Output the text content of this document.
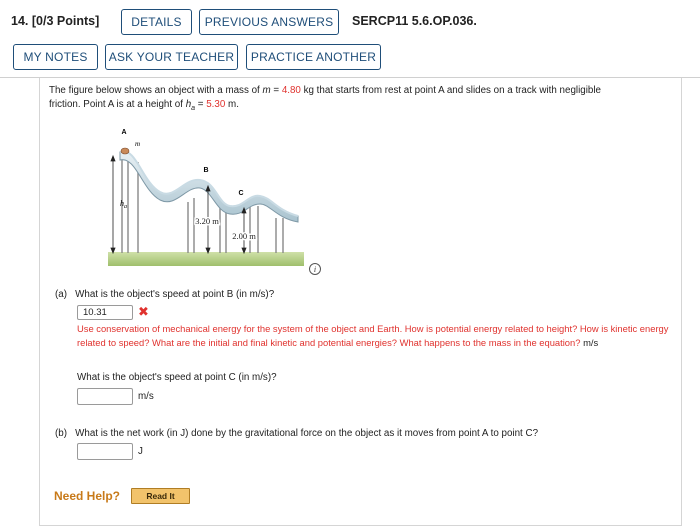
14. [0/3 Points]	DETAILS	PREVIOUS ANSWERS	SERCP11 5.6.OP.036.
MY NOTES	ASK YOUR TEACHER	PRACTICE ANOTHER
The figure below shows an object with a mass of m = 4.80 kg that starts from rest at point A and slides on a track with negligible
friction. Point A is at a height of $h_a = 5.30$ m.
A
m
B
C
$h_a$
3.20 m
2.00 m
i
(a) What is the object's speed at point B (in m/s)?
10.31	✖
Use conservation of mechanical energy for the system of the object and Earth. How is potential energy related to height? How is kinetic energy related to speed? What are the initial and final kinetic and potential energies? What happens to the mass in the equation? m/s
What is the object's speed at point C (in m/s)?
m/s
(b) What is the net work (in J) done by the gravitational force on the object as it moves from point A to point C?
J
Need Help?	Read It
